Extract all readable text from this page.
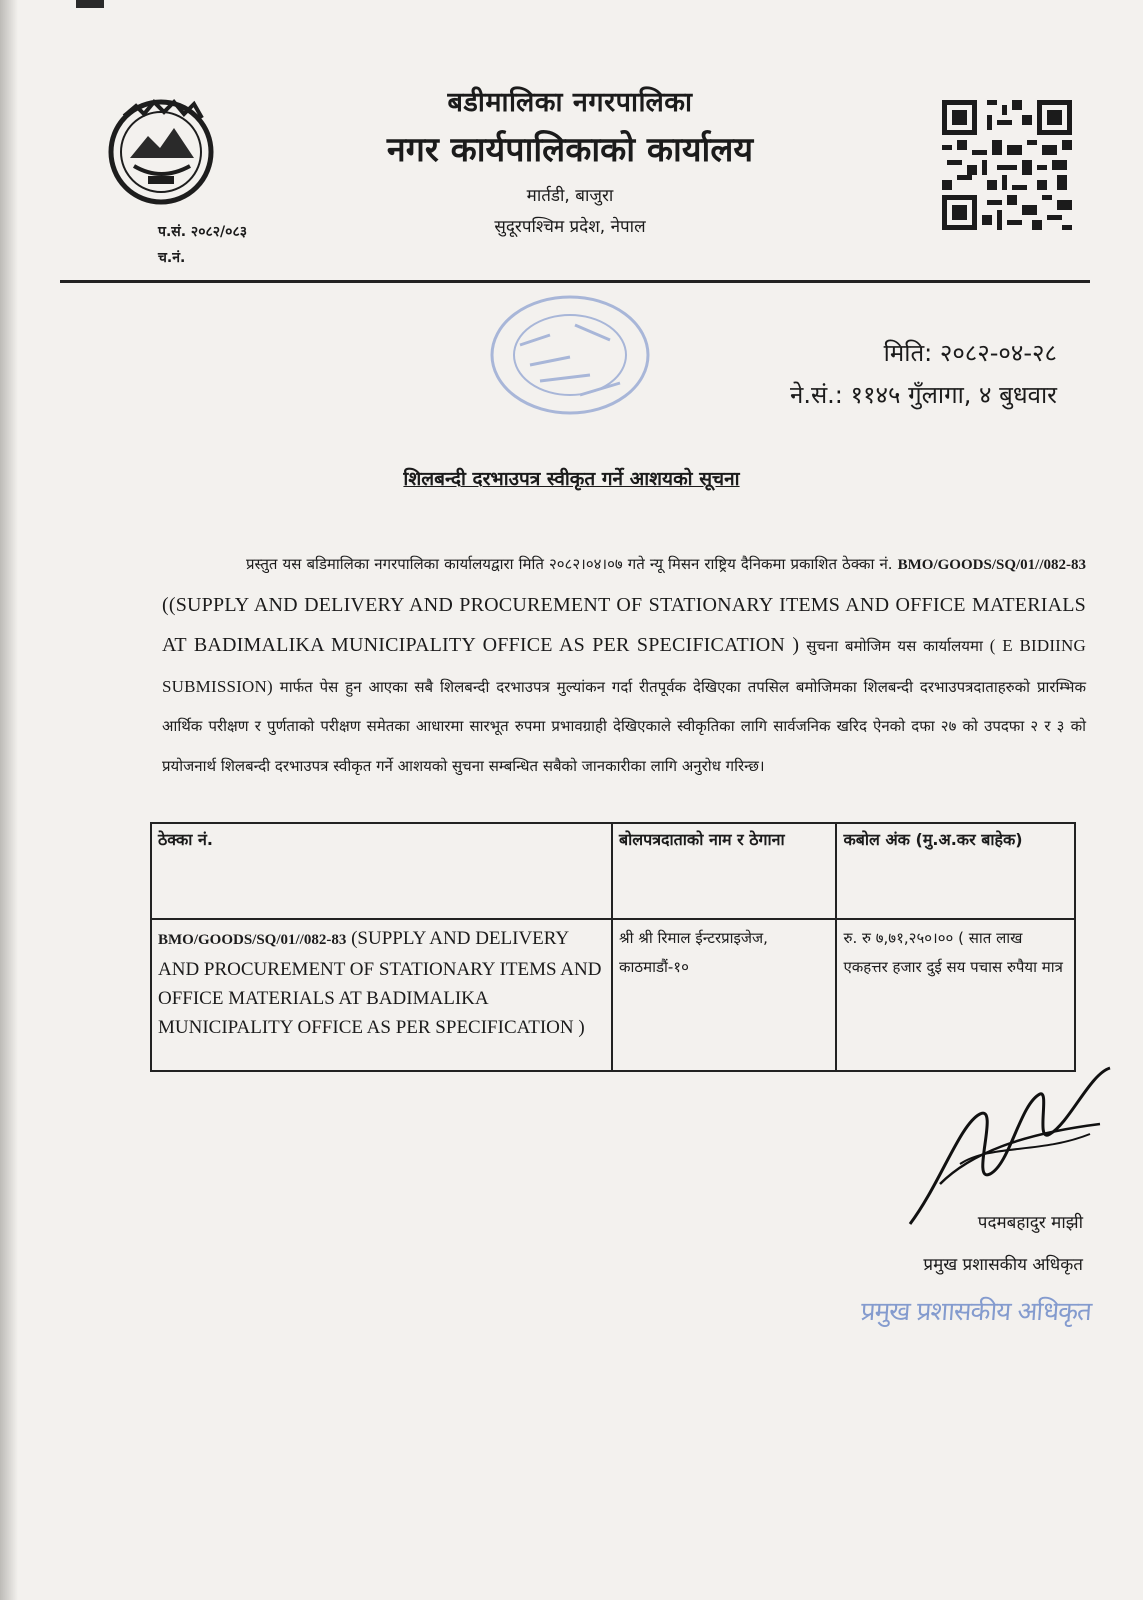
बडीमालिका नगरपालिका

नगर कार्यपालिकाको कार्यालय

मार्तडी, बाजुरा
सुदूरपश्चिम प्रदेश, नेपाल
प.सं. २०८२/०८३
च.नं.
मिति: २०८२-०४-२८
ने.सं.: ११४५ गुँलागा, ४ बुधवार
शिलबन्दी दरभाउपत्र स्वीकृत गर्ने आशयको सूचना
प्रस्तुत यस बडिमालिका नगरपालिका कार्यालयद्वारा मिति २०८२।०४।०७ गते न्यू मिसन राष्ट्रिय दैनिकमा प्रकाशित ठेक्का नं. BMO/GOODS/SQ/01//082-83 ((SUPPLY AND DELIVERY AND PROCUREMENT OF STATIONARY ITEMS AND OFFICE MATERIALS AT BADIMALIKA MUNICIPALITY OFFICE AS PER SPECIFICATION ) सुचना बमोजिम यस कार्यालयमा ( E BIDIING SUBMISSION) मार्फत पेस हुन आएका सबै शिलबन्दी दरभाउपत्र मुल्यांकन गर्दा रीतपूर्वक देखिएका तपसिल बमोजिमका शिलबन्दी दरभाउपत्रदाताहरुको प्रारम्भिक आर्थिक परीक्षण र पुर्णताको परीक्षण समेतका आधारमा सारभूत रुपमा प्रभावग्राही देखिएकाले स्वीकृतिका लागि सार्वजनिक खरिद ऐनको दफा २७ को उपदफा २ र ३ को प्रयोजनार्थ शिलबन्दी दरभाउपत्र स्वीकृत गर्ने आशयको सुचना सम्बन्धित सबैको जानकारीका लागि अनुरोध गरिन्छ।
ठेक्का नं.	बोलपत्रदाताको नाम र ठेगाना	कबोल अंक (मु.अ.कर बाहेक)
BMO/GOODS/SQ/01//082-83 (SUPPLY AND DELIVERY AND PROCUREMENT OF STATIONARY ITEMS AND OFFICE MATERIALS AT BADIMALIKA MUNICIPALITY OFFICE AS PER SPECIFICATION )	श्री श्री रिमाल ईन्टरप्राइजेज, काठमाडौं-१०	रु. रु ७,७१,२५०।०० ( सात लाख एकहत्तर हजार दुई सय पचास रुपैया मात्र
पदमबहादुर माझी
प्रमुख प्रशासकीय अधिकृत
प्रमुख प्रशासकीय अधिकृत
